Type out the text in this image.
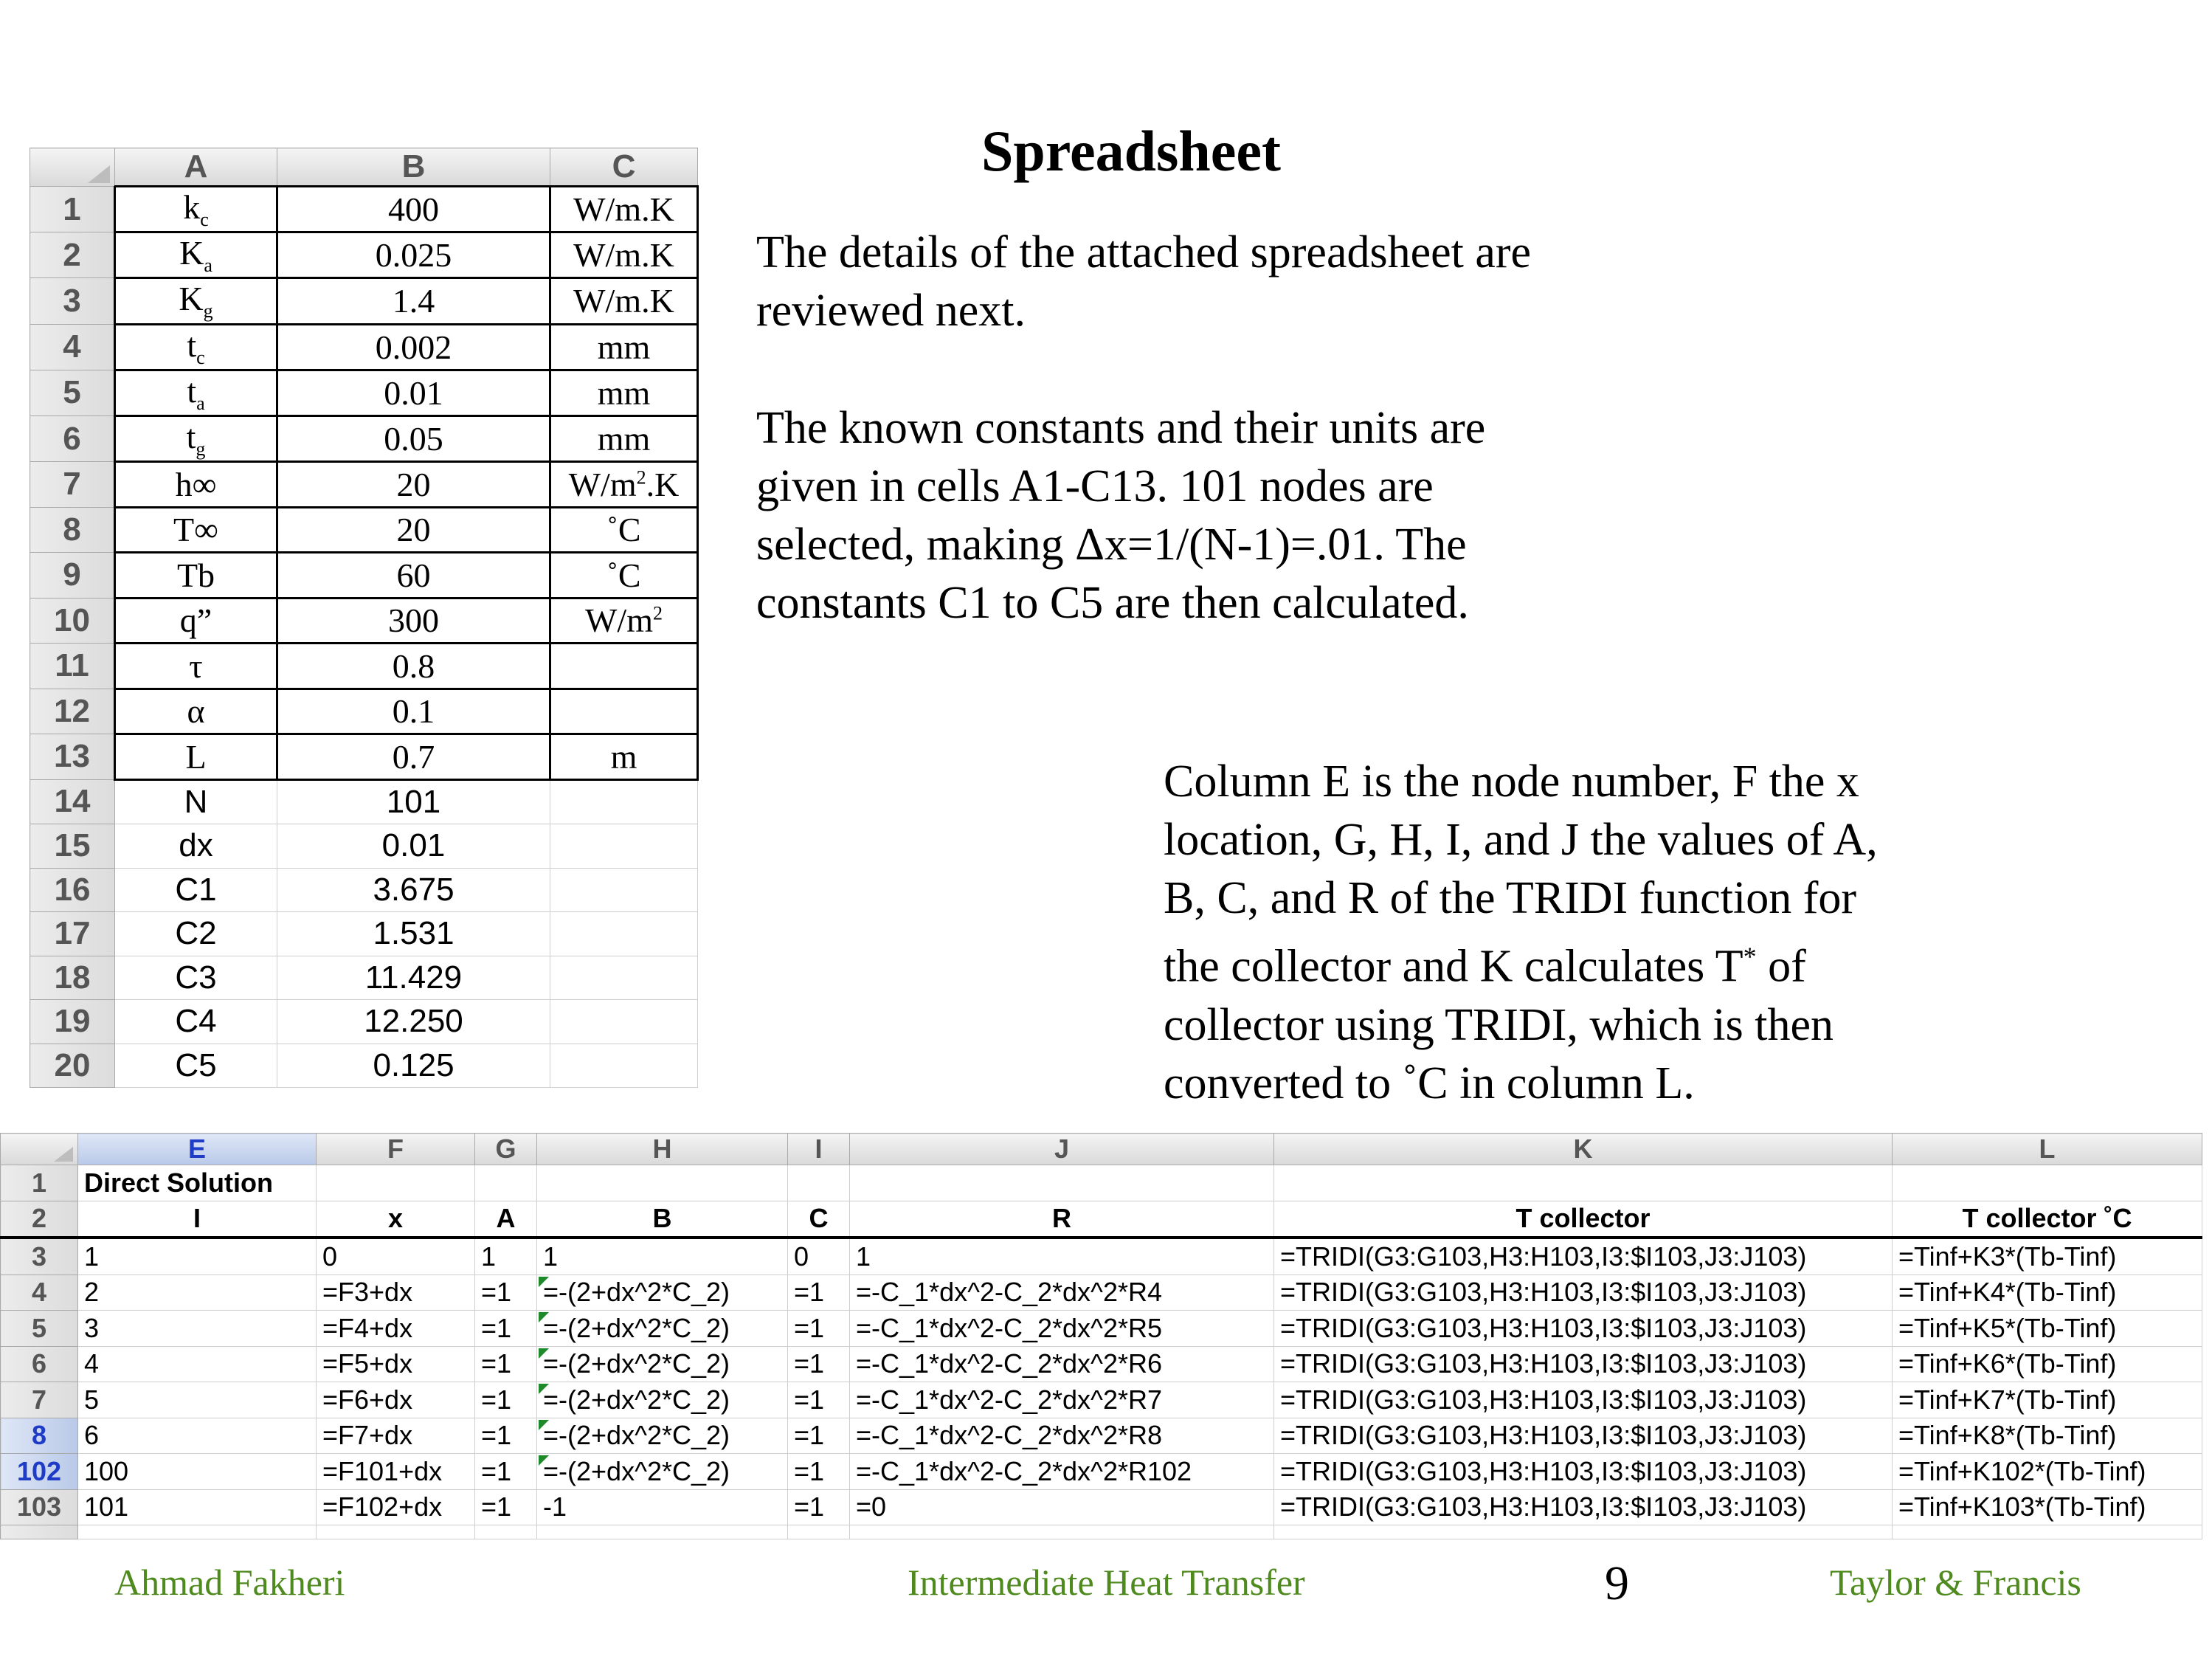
	A	B	C
1	$k_c$	400	W/m.K
2	$K_a$	0.025	W/m.K
3	$K_g$	1.4	W/m.K
4	$t_c$	0.002	mm
5	$t_a$	0.01	mm
6	$t_g$	0.05	mm
7	h∞	20	$W/m^2.K$
8	T∞	20	˚C
9	Tb	60	˚C
10	q”	300	$W/m^2$
11	τ	0.8	
12	α	0.1	
13	L	0.7	m
14	N	101	
15	dx	0.01	
16	C1	3.675	
17	C2	1.531	
18	C3	11.429	
19	C4	12.250	
20	C5	0.125	
Spreadsheet
The details of the attached spreadsheet are
reviewed next.
The known constants and their units are
given in cells A1-C13. 101 nodes are
selected, making Δx=1/(N-1)=.01. The
constants C1 to C5 are then calculated.
Column E is the node number, F the x
location, G, H, I, and J the values of A,
B, C, and R of the TRIDI function for
the collector and K calculates T* of
collector using TRIDI, which is then
converted to ˚C in column L.
	E	F	G	H	I	J	K	L
1	Direct Solution							
2	I	x	A	B	C	R	T collector	T collector ˚C
3	1	0	1	1	0	1	=TRIDI(G3:G103,H3:H103,I3:$I103,J3:J103)	=Tinf+K3*(Tb-Tinf)
4	2	=F3+dx	=1	=-(2+dx^2*C_2)	=1	=-C_1*dx^2-C_2*dx^2*R4	=TRIDI(G3:G103,H3:H103,I3:$I103,J3:J103)	=Tinf+K4*(Tb-Tinf)
5	3	=F4+dx	=1	=-(2+dx^2*C_2)	=1	=-C_1*dx^2-C_2*dx^2*R5	=TRIDI(G3:G103,H3:H103,I3:$I103,J3:J103)	=Tinf+K5*(Tb-Tinf)
6	4	=F5+dx	=1	=-(2+dx^2*C_2)	=1	=-C_1*dx^2-C_2*dx^2*R6	=TRIDI(G3:G103,H3:H103,I3:$I103,J3:J103)	=Tinf+K6*(Tb-Tinf)
7	5	=F6+dx	=1	=-(2+dx^2*C_2)	=1	=-C_1*dx^2-C_2*dx^2*R7	=TRIDI(G3:G103,H3:H103,I3:$I103,J3:J103)	=Tinf+K7*(Tb-Tinf)
8	6	=F7+dx	=1	=-(2+dx^2*C_2)	=1	=-C_1*dx^2-C_2*dx^2*R8	=TRIDI(G3:G103,H3:H103,I3:$I103,J3:J103)	=Tinf+K8*(Tb-Tinf)
102	100	=F101+dx	=1	=-(2+dx^2*C_2)	=1	=-C_1*dx^2-C_2*dx^2*R102	=TRIDI(G3:G103,H3:H103,I3:$I103,J3:J103)	=Tinf+K102*(Tb-Tinf)
103	101	=F102+dx	=1	-1	=1	=0	=TRIDI(G3:G103,H3:H103,I3:$I103,J3:J103)	=Tinf+K103*(Tb-Tinf)

Ahmad Fakheri	Intermediate Heat Transfer	9	Taylor & Francis
